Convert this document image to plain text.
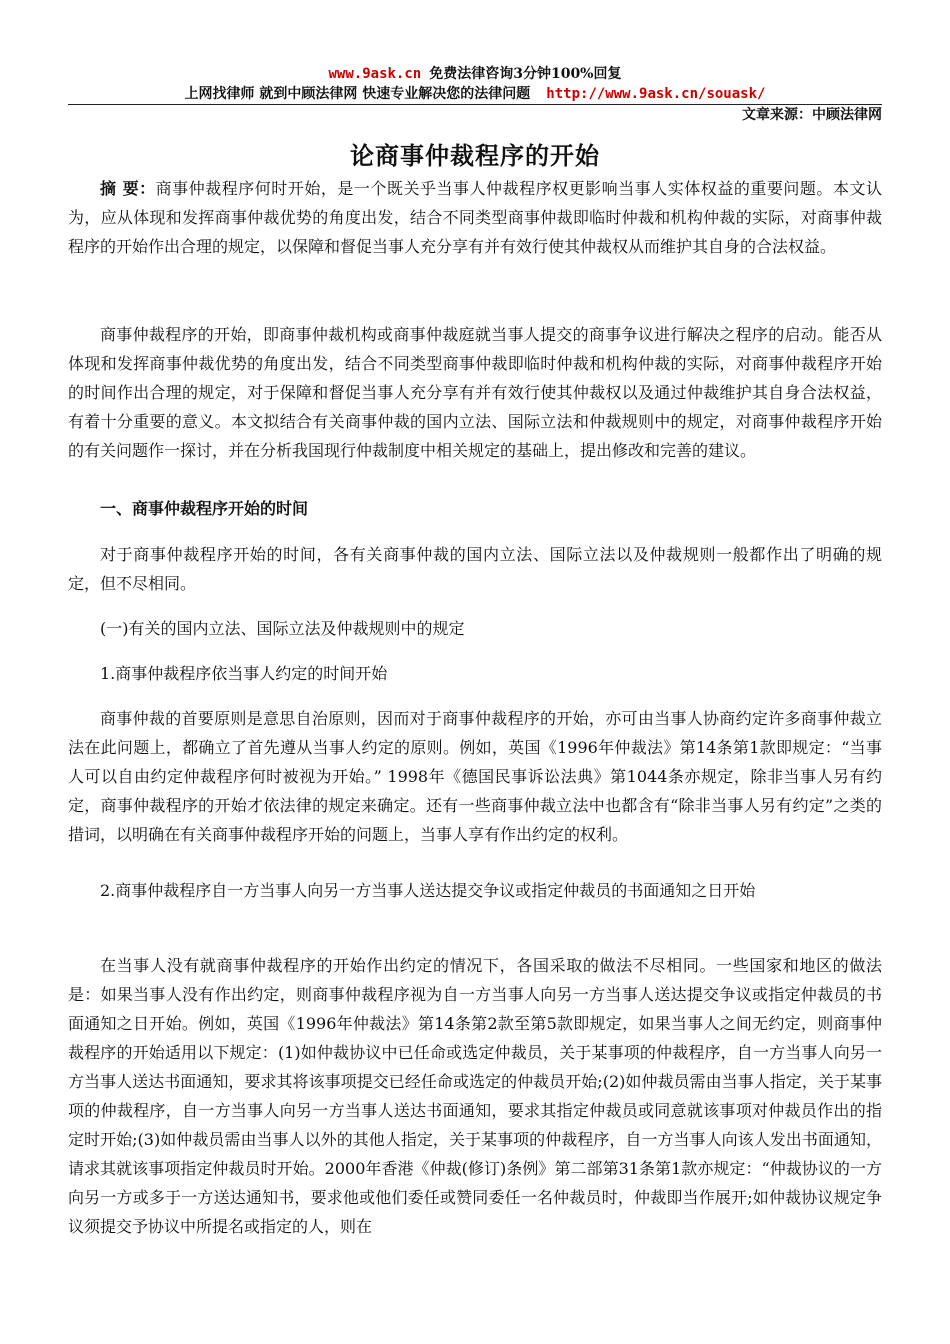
www.9ask.cn 免费法律咨询3分钟100%回复
上网找律师 就到中顾法律网 快速专业解决您的法律问题 http://www.9ask.cn/souask/
文章来源：中顾法律网
论商事仲裁程序的开始
摘 要：商事仲裁程序何时开始，是一个既关乎当事人仲裁程序权更影响当事人实体权益的重要问题。本文认为，应从体现和发挥商事仲裁优势的角度出发，结合不同类型商事仲裁即临时仲裁和机构仲裁的实际，对商事仲裁程序的开始作出合理的规定，以保障和督促当事人充分享有并有效行使其仲裁权从而维护其自身的合法权益。
商事仲裁程序的开始，即商事仲裁机构或商事仲裁庭就当事人提交的商事争议进行解决之程序的启动。能否从体现和发挥商事仲裁优势的角度出发，结合不同类型商事仲裁即临时仲裁和机构仲裁的实际，对商事仲裁程序开始的时间作出合理的规定，对于保障和督促当事人充分享有并有效行使其仲裁权以及通过仲裁维护其自身合法权益，有着十分重要的意义。本文拟结合有关商事仲裁的国内立法、国际立法和仲裁规则中的规定，对商事仲裁程序开始的有关问题作一探讨，并在分析我国现行仲裁制度中相关规定的基础上，提出修改和完善的建议。
一、商事仲裁程序开始的时间
对于商事仲裁程序开始的时间，各有关商事仲裁的国内立法、国际立法以及仲裁规则一般都作出了明确的规定，但不尽相同。
(一)有关的国内立法、国际立法及仲裁规则中的规定
1.商事仲裁程序依当事人约定的时间开始
商事仲裁的首要原则是意思自治原则，因而对于商事仲裁程序的开始，亦可由当事人协商约定许多商事仲裁立法在此问题上，都确立了首先遵从当事人约定的原则。例如，英国《1996年仲裁法》第14条第1款即规定：“当事人可以自由约定仲裁程序何时被视为开始。” 1998年《德国民事诉讼法典》第1044条亦规定，除非当事人另有约定，商事仲裁程序的开始才依法律的规定来确定。还有一些商事仲裁立法中也都含有“除非当事人另有约定”之类的措词，以明确在有关商事仲裁程序开始的问题上，当事人享有作出约定的权利。
2.商事仲裁程序自一方当事人向另一方当事人送达提交争议或指定仲裁员的书面通知之日开始
在当事人没有就商事仲裁程序的开始作出约定的情况下，各国采取的做法不尽相同。一些国家和地区的做法是：如果当事人没有作出约定，则商事仲裁程序视为自一方当事人向另一方当事人送达提交争议或指定仲裁员的书面通知之日开始。例如，英国《1996年仲裁法》第14条第2款至第5款即规定，如果当事人之间无约定，则商事仲裁程序的开始适用以下规定：(1)如仲裁协议中已任命或选定仲裁员，关于某事项的仲裁程序，自一方当事人向另一方当事人送达书面通知，要求其将该事项提交已经任命或选定的仲裁员开始;(2)如仲裁员需由当事人指定，关于某事项的仲裁程序，自一方当事人向另一方当事人送达书面通知，要求其指定仲裁员或同意就该事项对仲裁员作出的指定时开始;(3)如仲裁员需由当事人以外的其他人指定，关于某事项的仲裁程序，自一方当事人向该人发出书面通知，请求其就该事项指定仲裁员时开始。2000年香港《仲裁(修订)条例》第二部第31条第1款亦规定：“仲裁协议的一方向另一方或多于一方送达通知书，要求他或他们委任或赞同委任一名仲裁员时，仲裁即当作展开;如仲裁协议规定争议须提交予协议中所提名或指定的人，则在
